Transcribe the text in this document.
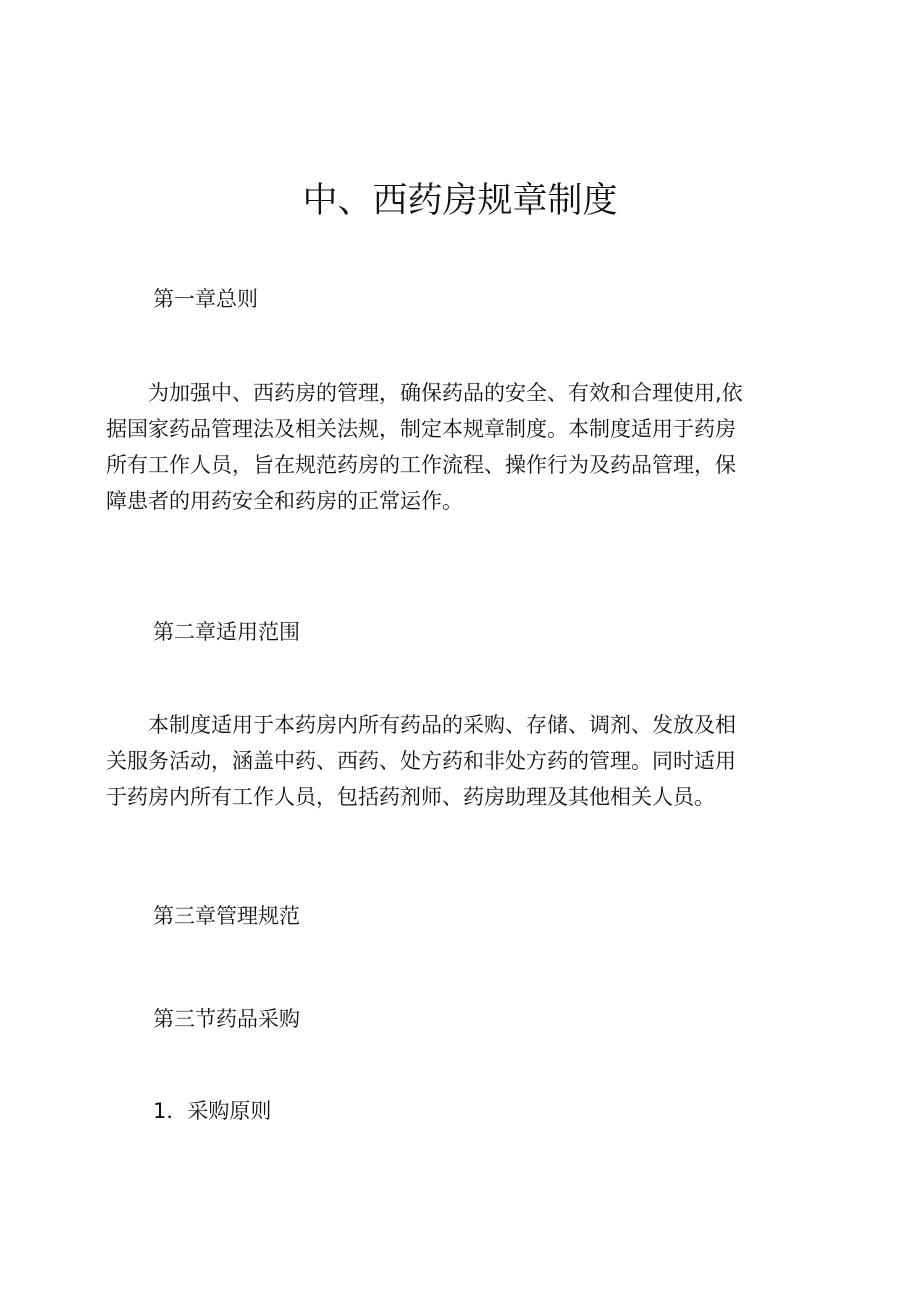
中、西药房规章制度
第一章总则
　　为加强中、西药房的管理，确保药品的安全、有效和合理使用,依
据国家药品管理法及相关法规，制定本规章制度。本制度适用于药房
所有工作人员，旨在规范药房的工作流程、操作行为及药品管理，保
障患者的用药安全和药房的正常运作。
第二章适用范围
　　本制度适用于本药房内所有药品的采购、存储、调剂、发放及相
关服务活动，涵盖中药、西药、处方药和非处方药的管理。同时适用
于药房内所有工作人员，包括药剂师、药房助理及其他相关人员。
第三章管理规范
第三节药品采购
1．采购原则
